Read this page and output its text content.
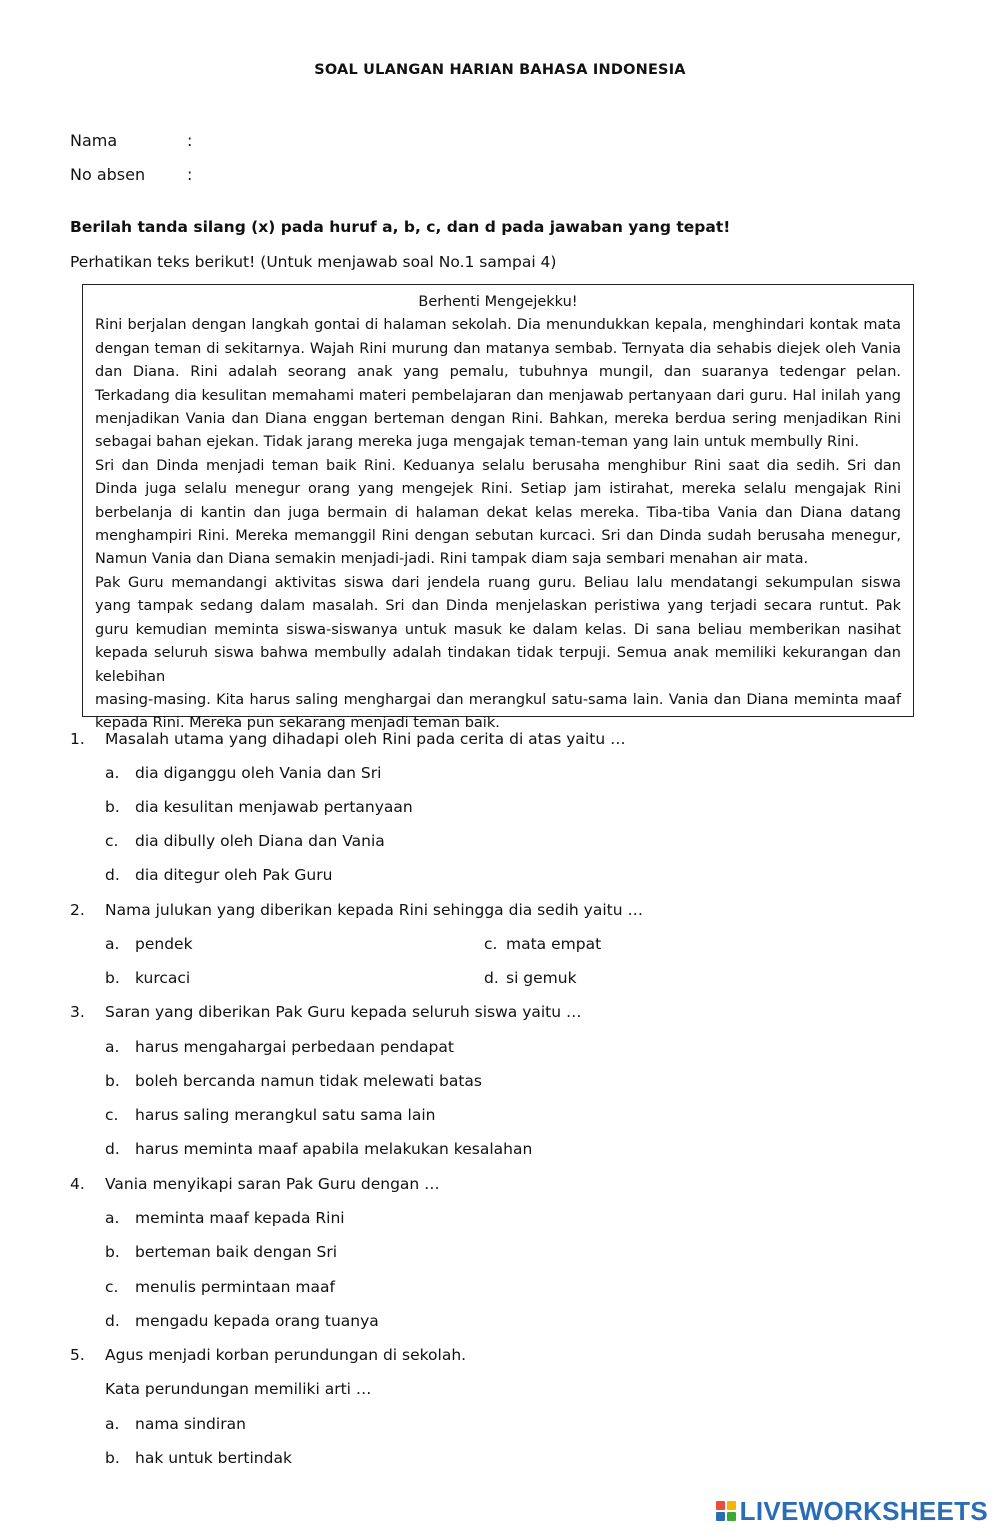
SOAL ULANGAN HARIAN BAHASA INDONESIA
Nama	:
No absen	:
Berilah tanda silang (x) pada huruf a, b, c, dan d pada jawaban yang tepat!
Perhatikan teks berikut! (Untuk menjawab soal No.1 sampai 4)
Berhenti Mengejekku!

Rini berjalan dengan langkah gontai di halaman sekolah. Dia menundukkan kepala, menghindari kontak mata dengan teman di sekitarnya. Wajah Rini murung dan matanya sembab. Ternyata dia sehabis diejek oleh Vania dan Diana. Rini adalah seorang anak yang pemalu, tubuhnya mungil, dan suaranya tedengar pelan. Terkadang dia kesulitan memahami materi pembelajaran dan menjawab pertanyaan dari guru. Hal inilah yang menjadikan Vania dan Diana enggan berteman dengan Rini. Bahkan, mereka berdua sering menjadikan Rini sebagai bahan ejekan. Tidak jarang mereka juga mengajak teman-teman yang lain untuk membully Rini.

Sri dan Dinda menjadi teman baik Rini. Keduanya selalu berusaha menghibur Rini saat dia sedih. Sri dan Dinda juga selalu menegur orang yang mengejek Rini. Setiap jam istirahat, mereka selalu mengajak Rini berbelanja di kantin dan juga bermain di halaman dekat kelas mereka. Tiba-tiba Vania dan Diana datang menghampiri Rini. Mereka memanggil Rini dengan sebutan kurcaci. Sri dan Dinda sudah berusaha menegur, Namun Vania dan Diana semakin menjadi-jadi. Rini tampak diam saja sembari menahan air mata.

Pak Guru memandangi aktivitas siswa dari jendela ruang guru. Beliau lalu mendatangi sekumpulan siswa yang tampak sedang dalam masalah. Sri dan Dinda menjelaskan peristiwa yang terjadi secara runtut. Pak guru kemudian meminta siswa-siswanya untuk masuk ke dalam kelas. Di sana beliau memberikan nasihat kepada seluruh siswa bahwa membully adalah tindakan tidak terpuji. Semua anak memiliki kekurangan dan kelebihan

masing-masing. Kita harus saling menghargai dan merangkul satu-sama lain. Vania dan Diana meminta maaf kepada Rini. Mereka pun sekarang menjadi teman baik.

1. Masalah utama yang dihadapi oleh Rini pada cerita di atas yaitu …
a. dia diganggu oleh Vania dan Sri
b. dia kesulitan menjawab pertanyaan
c. dia dibully oleh Diana dan Vania
d. dia ditegur oleh Pak Guru
2. Nama julukan yang diberikan kepada Rini sehingga dia sedih yaitu …
a. pendek
b. kurcaci
c. mata empat
d. si gemuk
3. Saran yang diberikan Pak Guru kepada seluruh siswa yaitu …
a. harus mengahargai perbedaan pendapat
b. boleh bercanda namun tidak melewati batas
c. harus saling merangkul satu sama lain
d. harus meminta maaf apabila melakukan kesalahan
4. Vania menyikapi saran Pak Guru dengan …
a. meminta maaf kepada Rini
b. berteman baik dengan Sri
c. menulis permintaan maaf
d. mengadu kepada orang tuanya
5. Agus menjadi korban perundungan di sekolah.
Kata perundungan memiliki arti …
a. nama sindiran
b. hak untuk bertindak
LIVEWORKSHEETS
